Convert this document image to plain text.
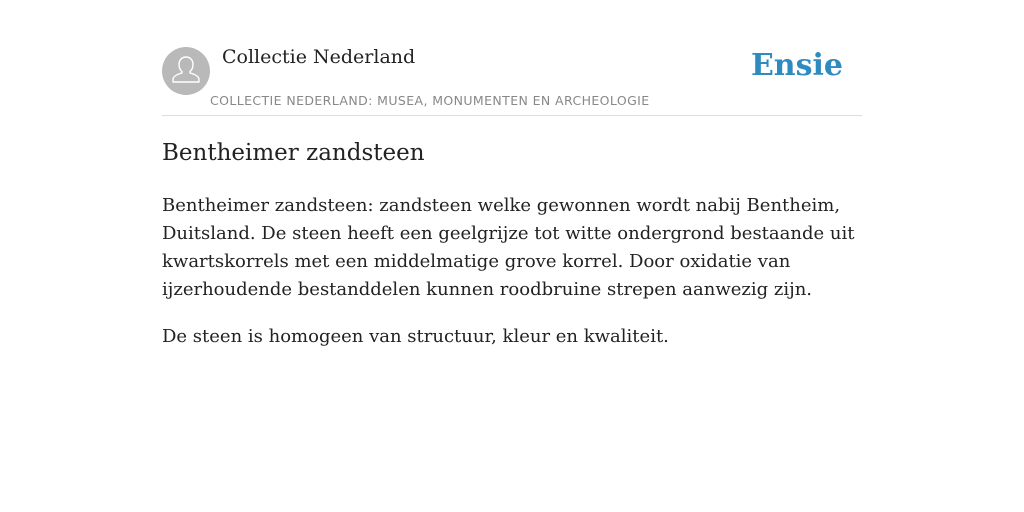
Collectie Nederland
COLLECTIE NEDERLAND: MUSEA, MONUMENTEN EN ARCHEOLOGIE
Ensie
Bentheimer zandsteen

Bentheimer zandsteen: zandsteen welke gewonnen wordt nabij Bentheim, Duitsland. De steen heeft een geelgrijze tot witte ondergrond bestaande uit kwartskorrels met een middelmatige grove korrel. Door oxidatie van ijzerhoudende bestanddelen kunnen roodbruine strepen aanwezig zijn.

De steen is homogeen van structuur, kleur en kwaliteit.
